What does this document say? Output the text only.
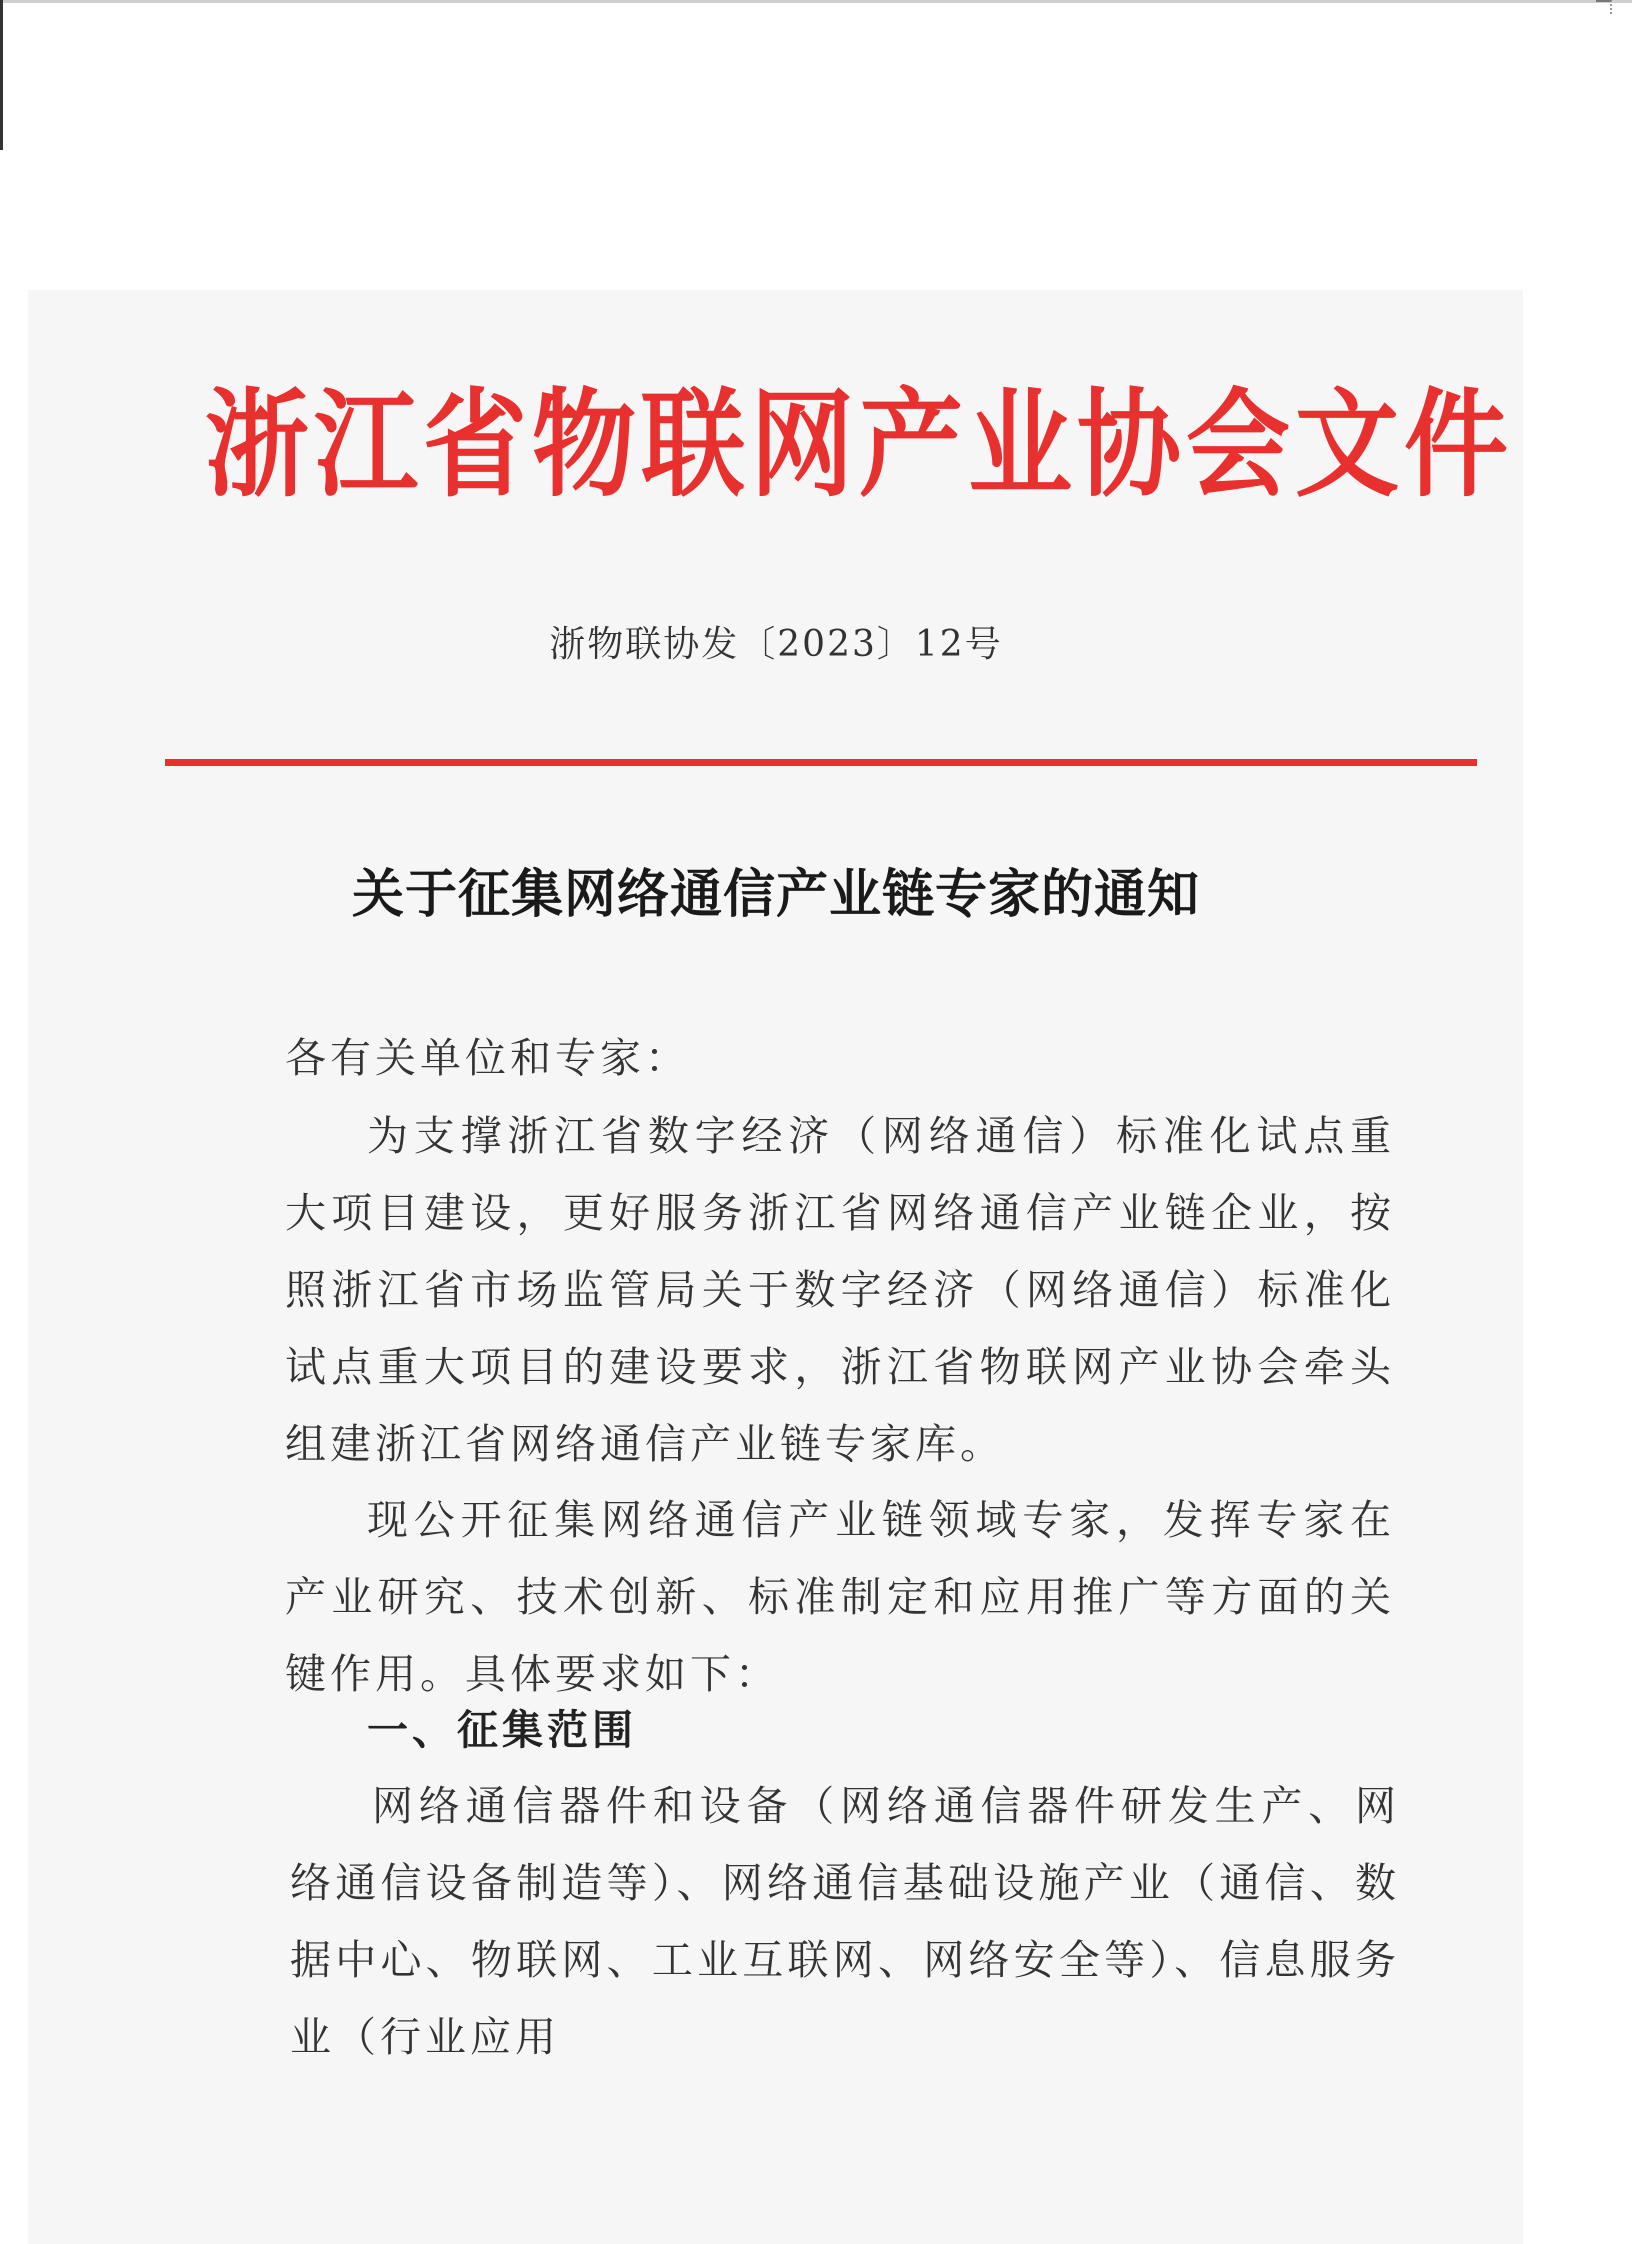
浙江省物联网产业协会文件
浙物联协发〔2023〕12号
关于征集网络通信产业链专家的通知

各有关单位和专家：

为支撑浙江省数字经济（网络通信）标准化试点重大项目建设，更好服务浙江省网络通信产业链企业，按照浙江省市场监管局关于数字经济（网络通信）标准化试点重大项目的建设要求，浙江省物联网产业协会牵头组建浙江省网络通信产业链专家库。

现公开征集网络通信产业链领域专家，发挥专家在产业研究、技术创新、标准制定和应用推广等方面的关键作用。具体要求如下：

一、征集范围

网络通信器件和设备（网络通信器件研发生产、网络通信设备制造等）、网络通信基础设施产业（通信、数据中心、物联网、工业互联网、网络安全等）、信息服务业（行业应用
